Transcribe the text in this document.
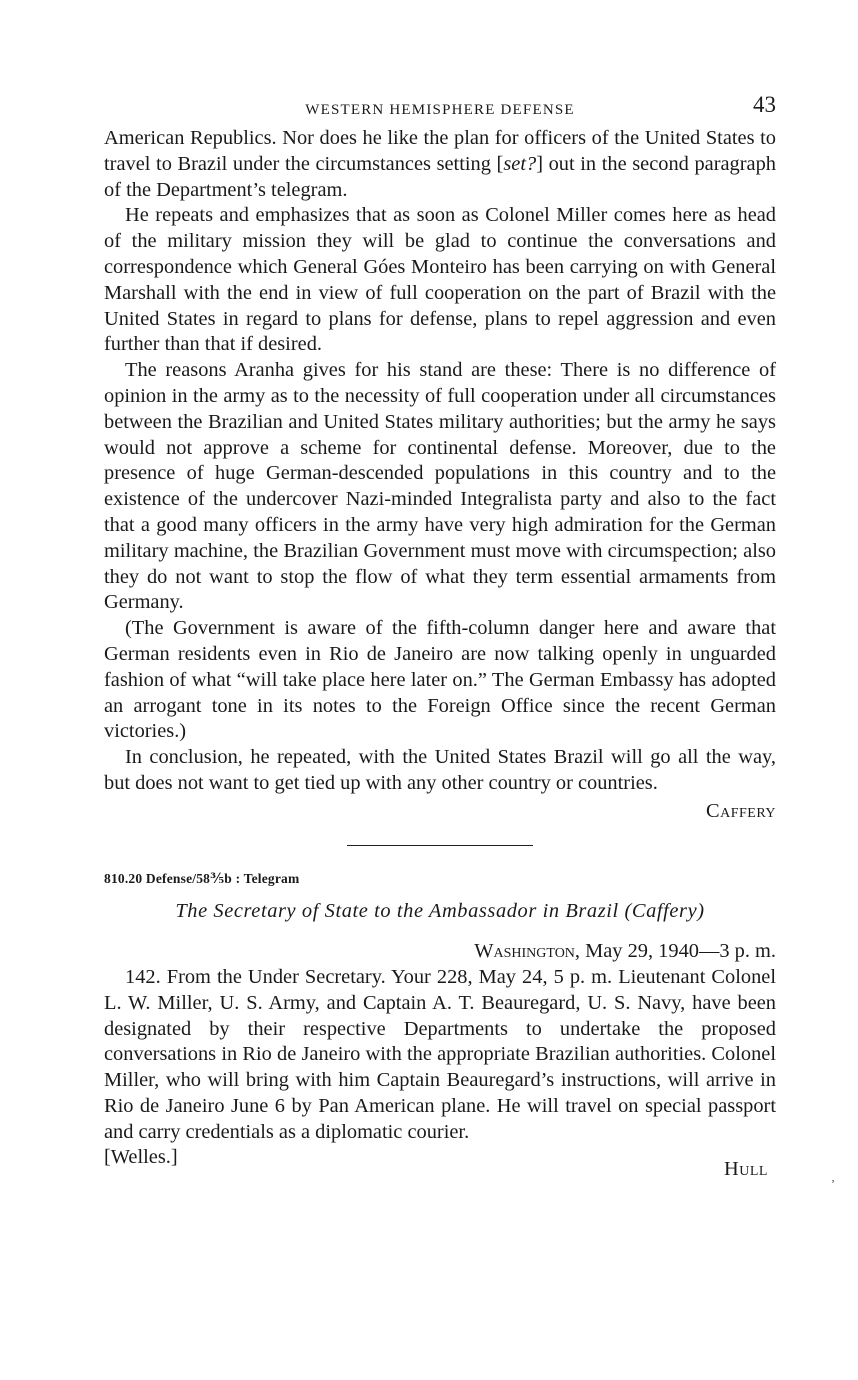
WESTERN HEMISPHERE DEFENSE	43

American Republics. Nor does he like the plan for officers of the United States to travel to Brazil under the circumstances setting [set?] out in the second paragraph of the Department’s telegram.

He repeats and emphasizes that as soon as Colonel Miller comes here as head of the military mission they will be glad to continue the conversations and correspondence which General Góes Monteiro has been carrying on with General Marshall with the end in view of full cooperation on the part of Brazil with the United States in regard to plans for defense, plans to repel aggression and even further than that if desired.

The reasons Aranha gives for his stand are these: There is no difference of opinion in the army as to the necessity of full cooperation under all circumstances between the Brazilian and United States military authorities; but the army he says would not approve a scheme for continental defense. Moreover, due to the presence of huge German-descended populations in this country and to the existence of the undercover Nazi-minded Integralista party and also to the fact that a good many officers in the army have very high admiration for the German military machine, the Brazilian Government must move with circumspection; also they do not want to stop the flow of what they term essential armaments from Germany.

(The Government is aware of the fifth-column danger here and aware that German residents even in Rio de Janeiro are now talking openly in unguarded fashion of what “will take place here later on.” The German Embassy has adopted an arrogant tone in its notes to the Foreign Office since the recent German victories.)

In conclusion, he repeated, with the United States Brazil will go all the way, but does not want to get tied up with any other country or countries.

Caffery
810.20 Defense/58⅗b : Telegram
The Secretary of State to the Ambassador in Brazil (Caffery)
Washington, May 29, 1940—3 p. m.

142. From the Under Secretary. Your 228, May 24, 5 p. m. Lieutenant Colonel L. W. Miller, U. S. Army, and Captain A. T. Beauregard, U. S. Navy, have been designated by their respective Departments to undertake the proposed conversations in Rio de Janeiro with the appropriate Brazilian authorities. Colonel Miller, who will bring with him Captain Beauregard’s instructions, will arrive in Rio de Janeiro June 6 by Pan American plane. He will travel on special passport and carry credentials as a diplomatic courier.

[Welles.]
Hull	‚
